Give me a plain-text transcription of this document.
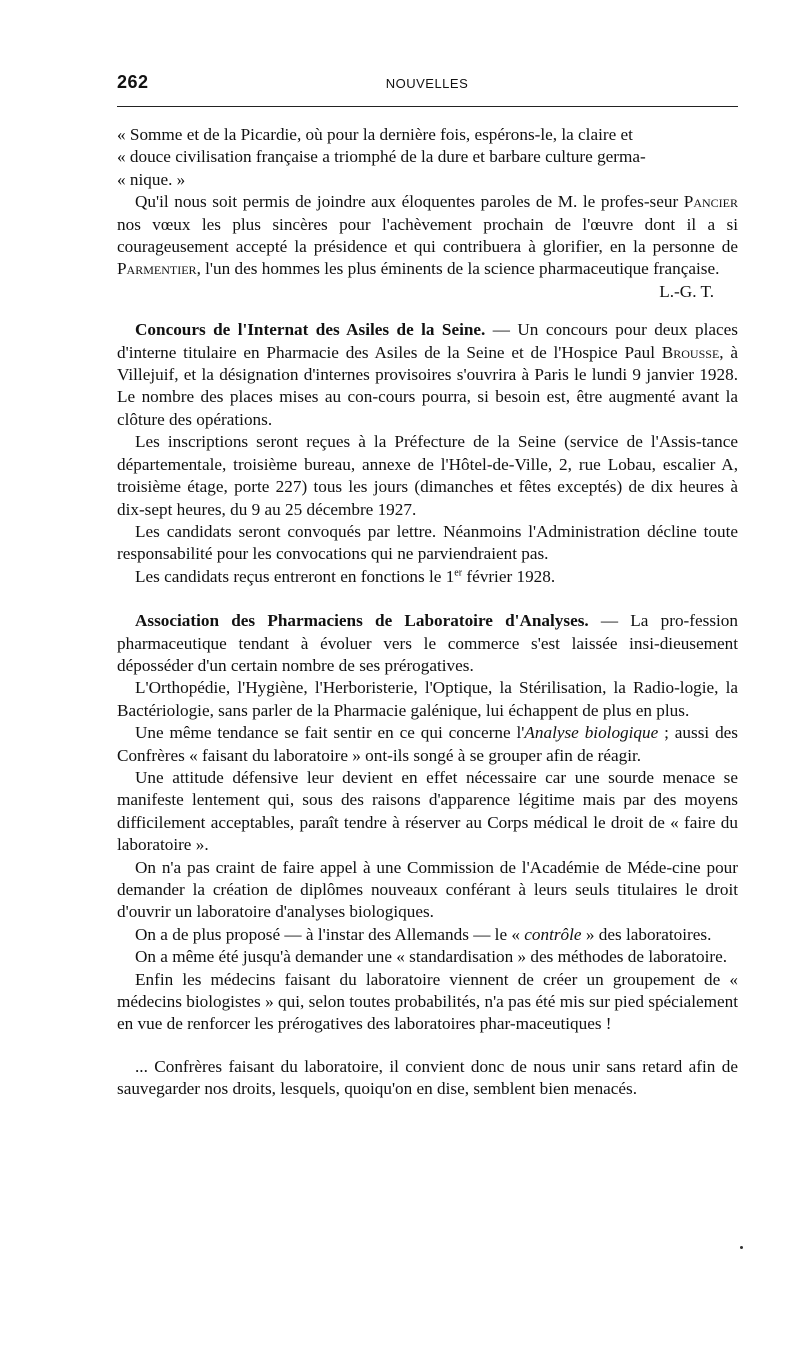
262	NOUVELLES

« Somme et de la Picardie, où pour la dernière fois, espérons-le, la claire et

« douce civilisation française a triomphé de la dure et barbare culture germa-

« nique. »

Qu'il nous soit permis de joindre aux éloquentes paroles de M. le profes-seur Pancier nos vœux les plus sincères pour l'achèvement prochain de l'œuvre dont il a si courageusement accepté la présidence et qui contribuera à glorifier, en la personne de Parmentier, l'un des hommes les plus éminents de la science pharmaceutique française.

L.-G. T.

Concours de l'Internat des Asiles de la Seine. — Un concours pour deux places d'interne titulaire en Pharmacie des Asiles de la Seine et de l'Hospice Paul Brousse, à Villejuif, et la désignation d'internes provisoires s'ouvrira à Paris le lundi 9 janvier 1928. Le nombre des places mises au con-cours pourra, si besoin est, être augmenté avant la clôture des opérations.

Les inscriptions seront reçues à la Préfecture de la Seine (service de l'Assis-tance départementale, troisième bureau, annexe de l'Hôtel-de-Ville, 2, rue Lobau, escalier A, troisième étage, porte 227) tous les jours (dimanches et fêtes exceptés) de dix heures à dix-sept heures, du 9 au 25 décembre 1927.

Les candidats seront convoqués par lettre. Néanmoins l'Administration décline toute responsabilité pour les convocations qui ne parviendraient pas.

Les candidats reçus entreront en fonctions le 1er février 1928.

Association des Pharmaciens de Laboratoire d'Analyses. — La pro-fession pharmaceutique tendant à évoluer vers le commerce s'est laissée insi-dieusement déposséder d'un certain nombre de ses prérogatives.

L'Orthopédie, l'Hygiène, l'Herboristerie, l'Optique, la Stérilisation, la Radio-logie, la Bactériologie, sans parler de la Pharmacie galénique, lui échappent de plus en plus.

Une même tendance se fait sentir en ce qui concerne l'Analyse biologique ; aussi des Confrères « faisant du laboratoire » ont-ils songé à se grouper afin de réagir.

Une attitude défensive leur devient en effet nécessaire car une sourde menace se manifeste lentement qui, sous des raisons d'apparence légitime mais par des moyens difficilement acceptables, paraît tendre à réserver au Corps médical le droit de « faire du laboratoire ».

On n'a pas craint de faire appel à une Commission de l'Académie de Méde-cine pour demander la création de diplômes nouveaux conférant à leurs seuls titulaires le droit d'ouvrir un laboratoire d'analyses biologiques.

On a de plus proposé — à l'instar des Allemands — le « contrôle » des laboratoires.

On a même été jusqu'à demander une « standardisation » des méthodes de laboratoire.

Enfin les médecins faisant du laboratoire viennent de créer un groupement de « médecins biologistes » qui, selon toutes probabilités, n'a pas été mis sur pied spécialement en vue de renforcer les prérogatives des laboratoires phar-maceutiques !

... Confrères faisant du laboratoire, il convient donc de nous unir sans retard afin de sauvegarder nos droits, lesquels, quoiqu'on en dise, semblent bien menacés.
